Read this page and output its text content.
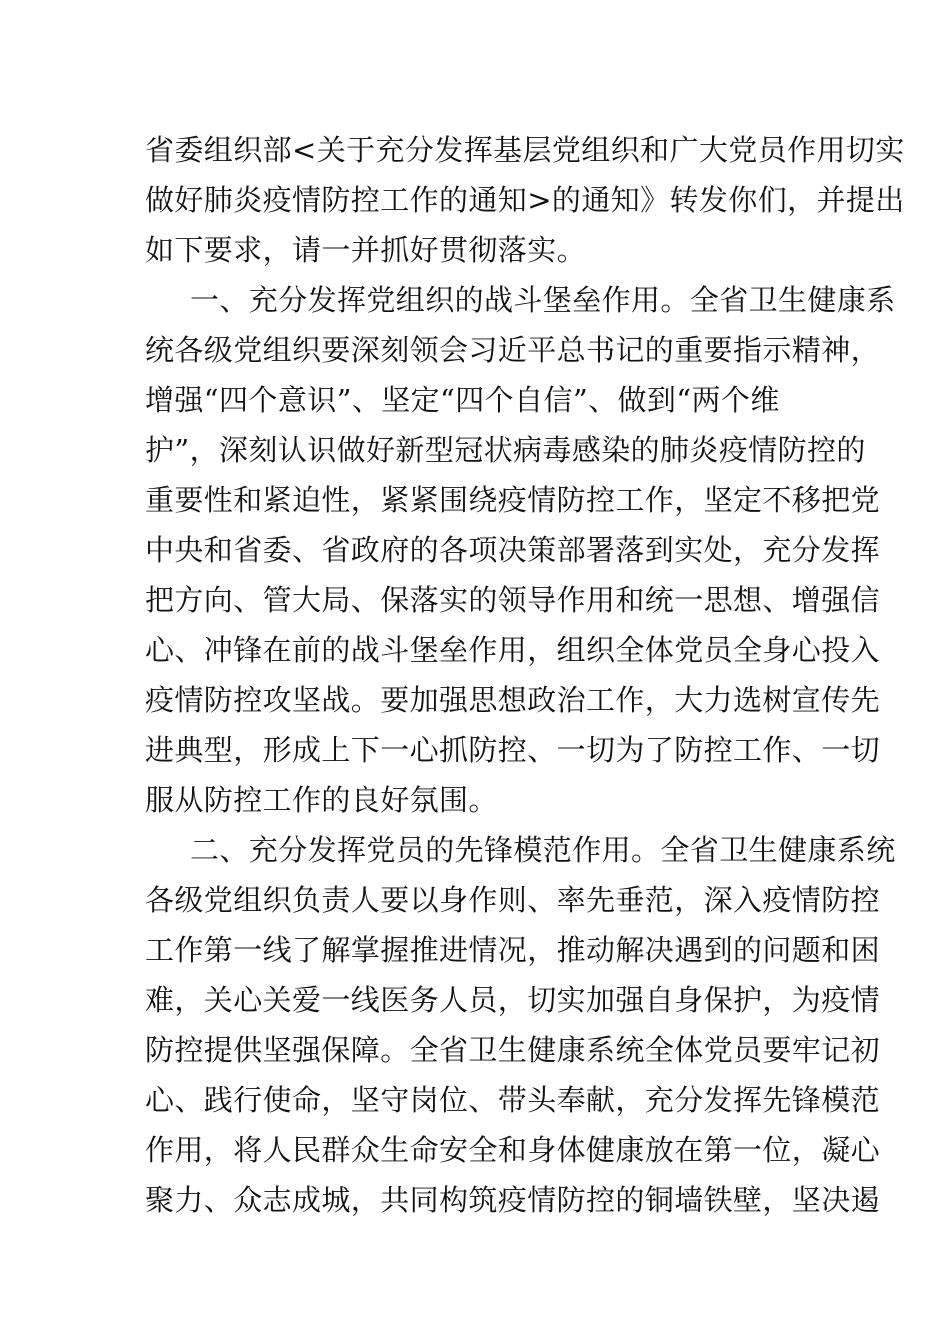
省委组织部<关于充分发挥基层党组织和广大党员作用切实
做好肺炎疫情防控工作的通知>的通知》转发你们，并提出
如下要求，请一并抓好贯彻落实。
一、充分发挥党组织的战斗堡垒作用。全省卫生健康系
统各级党组织要深刻领会习近平总书记的重要指示精神，
增强“四个意识”、坚定“四个自信”、做到“两个维
护”，深刻认识做好新型冠状病毒感染的肺炎疫情防控的
重要性和紧迫性，紧紧围绕疫情防控工作，坚定不移把党
中央和省委、省政府的各项决策部署落到实处，充分发挥
把方向、管大局、保落实的领导作用和统一思想、增强信
心、冲锋在前的战斗堡垒作用，组织全体党员全身心投入
疫情防控攻坚战。要加强思想政治工作，大力选树宣传先
进典型，形成上下一心抓防控、一切为了防控工作、一切
服从防控工作的良好氛围。
二、充分发挥党员的先锋模范作用。全省卫生健康系统
各级党组织负责人要以身作则、率先垂范，深入疫情防控
工作第一线了解掌握推进情况，推动解决遇到的问题和困
难，关心关爱一线医务人员，切实加强自身保护，为疫情
防控提供坚强保障。全省卫生健康系统全体党员要牢记初
心、践行使命，坚守岗位、带头奉献，充分发挥先锋模范
作用，将人民群众生命安全和身体健康放在第一位，凝心
聚力、众志成城，共同构筑疫情防控的铜墙铁壁，坚决遏
